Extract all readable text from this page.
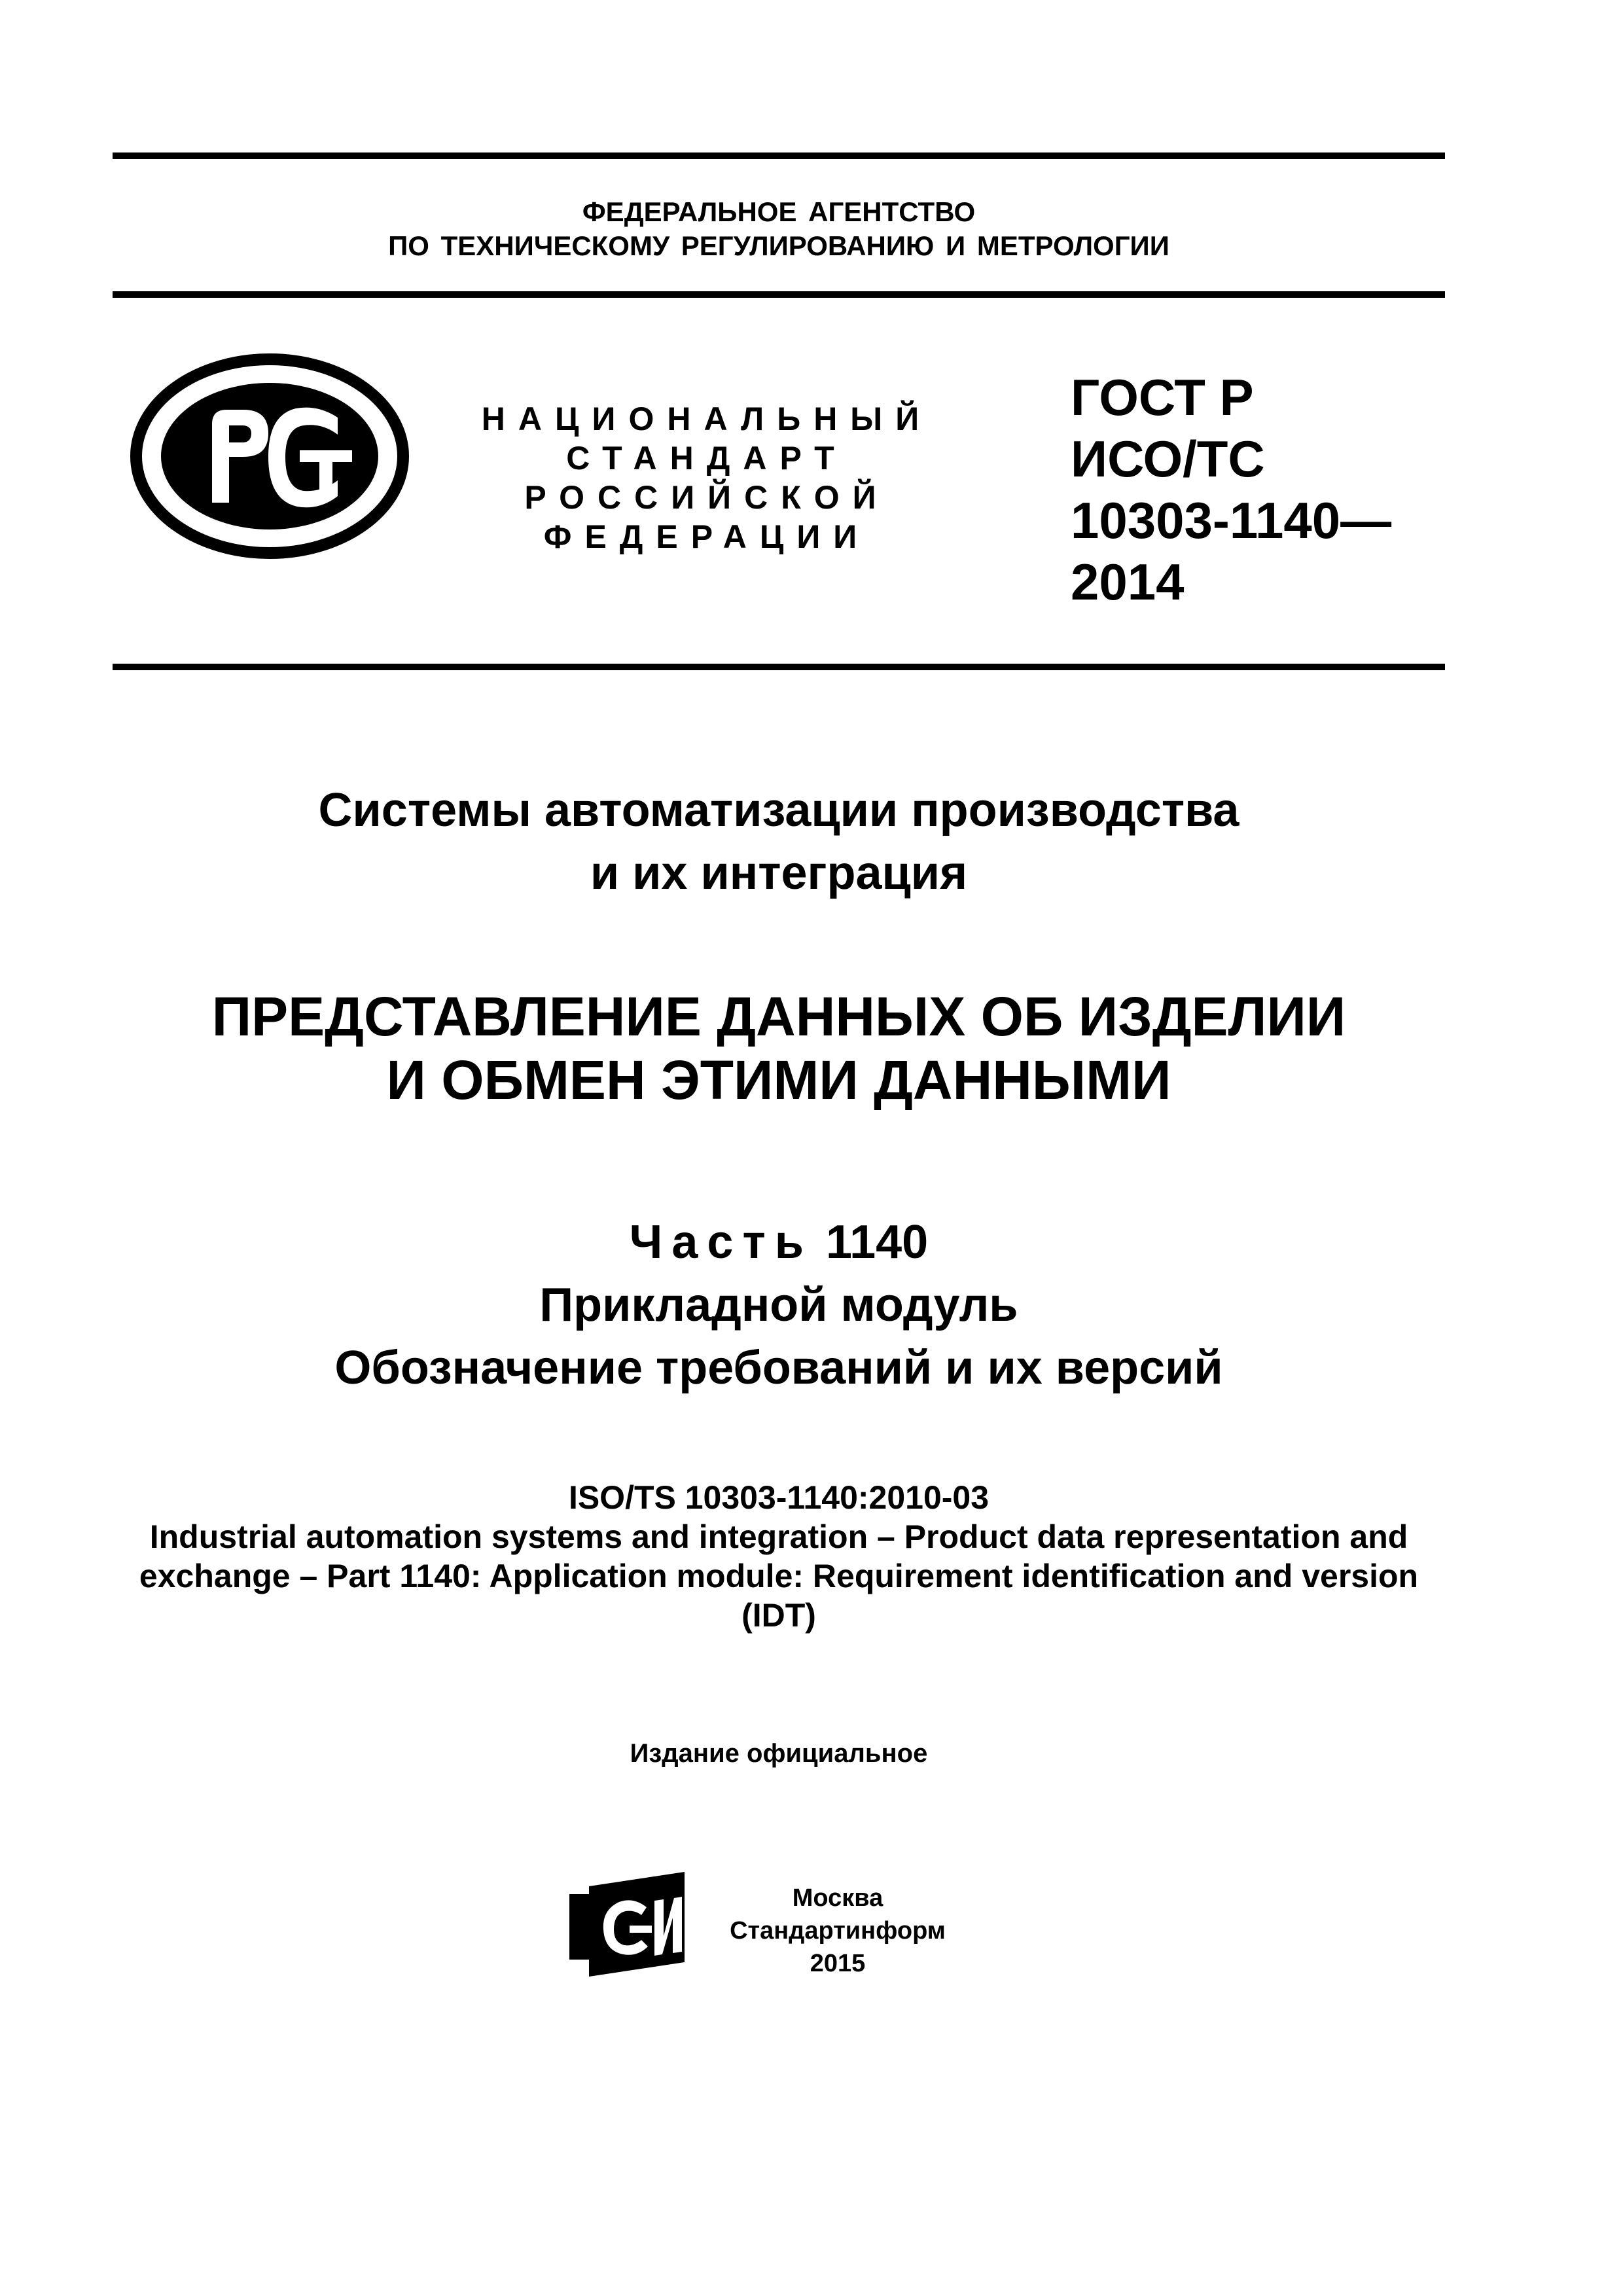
ФЕДЕРАЛЬНОЕ АГЕНТСТВО
ПО ТЕХНИЧЕСКОМУ РЕГУЛИРОВАНИЮ И МЕТРОЛОГИИ
НАЦИОНАЛЬНЫЙ
СТАНДАРТ
РОССИЙСКОЙ
ФЕДЕРАЦИИ
ГОСТ Р
ИСО/ТС
10303-1140—
2014
Системы автоматизации производства
и их интеграция
ПРЕДСТАВЛЕНИЕ ДАННЫХ ОБ ИЗДЕЛИИ
И ОБМЕН ЭТИМИ ДАННЫМИ
Часть 1140
Прикладной модуль
Обозначение требований и их версий
ISO/TS 10303-1140:2010-03
Industrial automation systems and integration – Product data representation and
exchange – Part 1140: Application module: Requirement identification and version
(IDT)
Издание официальное
Москва
Стандартинформ
2015
